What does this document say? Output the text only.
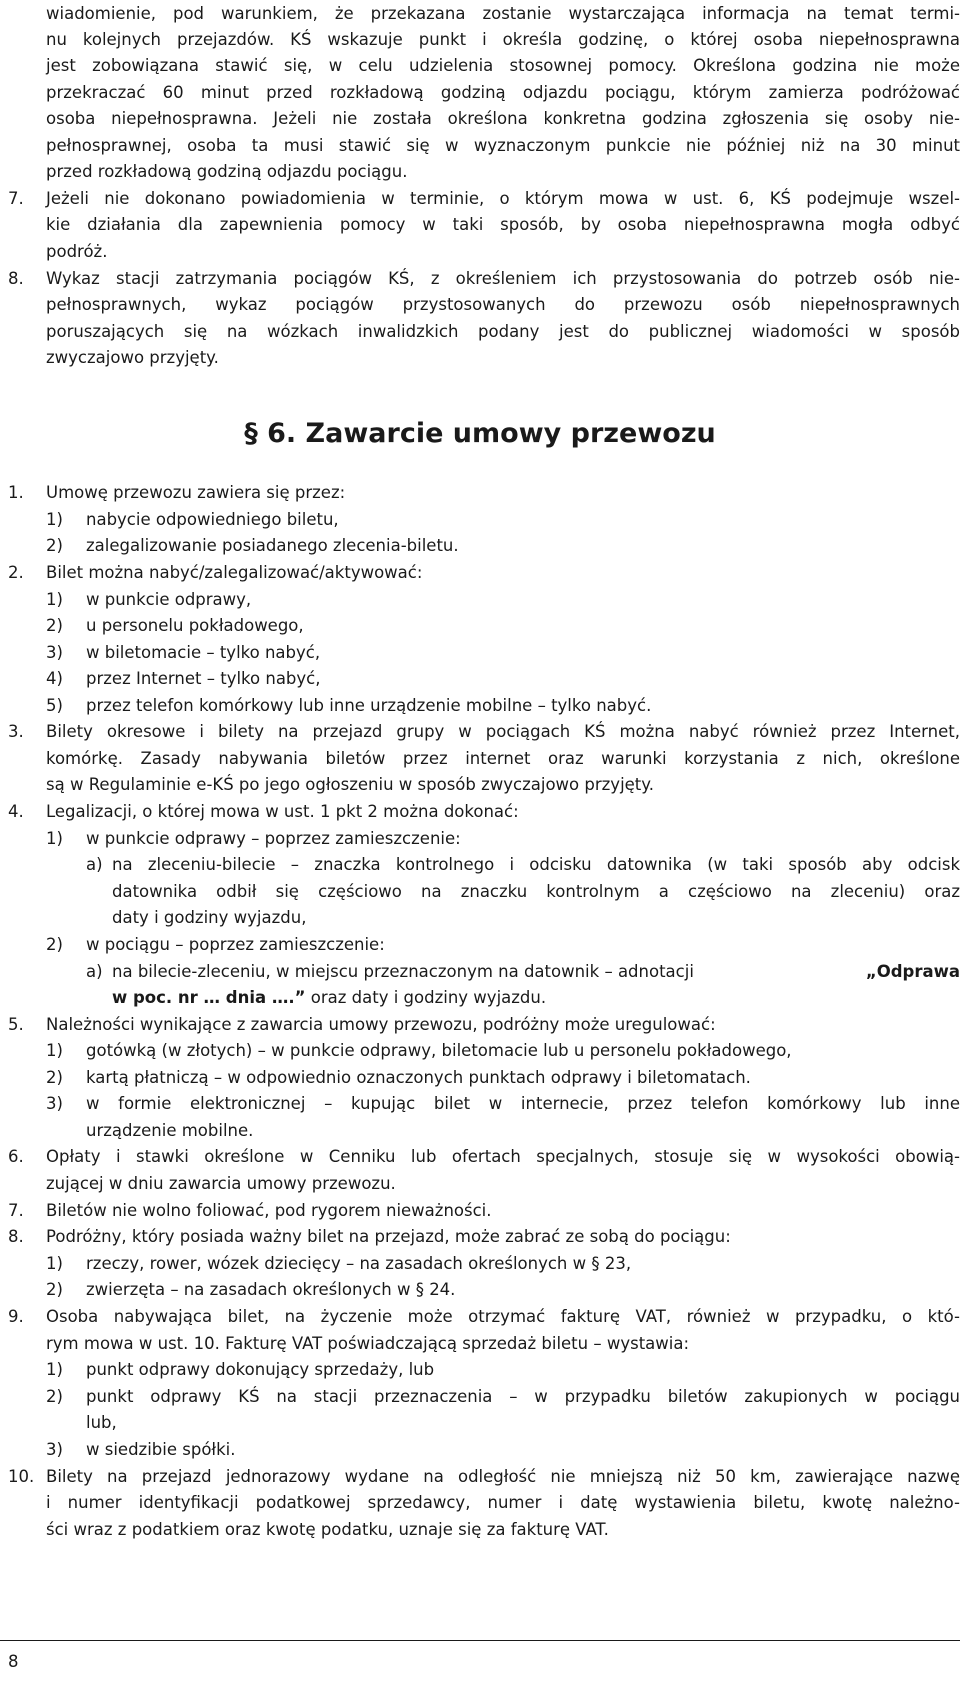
wiadomienie, pod warunkiem, że przekazana zostanie wystarczająca informacja na temat termi-
nu kolejnych przejazdów. KŚ wskazuje punkt i określa godzinę, o której osoba niepełnosprawna
jest zobowiązana stawić się, w celu udzielenia stosownej pomocy. Określona godzina nie może
przekraczać 60 minut przed rozkładową godziną odjazdu pociągu, którym zamierza podróżować
osoba niepełnosprawna. Jeżeli nie została określona konkretna godzina zgłoszenia się osoby nie-
pełnosprawnej, osoba ta musi stawić się w wyznaczonym punkcie nie później niż na 30 minut
przed rozkładową godziną odjazdu pociągu.
7.	Jeżeli nie dokonano powiadomienia w terminie, o którym mowa w ust. 6, KŚ podejmuje wszel-
kie działania dla zapewnienia pomocy w taki sposób, by osoba niepełnosprawna mogła odbyć
podróż.
8.	Wykaz stacji zatrzymania pociągów KŚ, z określeniem ich przystosowania do potrzeb osób nie-
pełnosprawnych, wykaz pociągów przystosowanych do przewozu osób niepełnosprawnych
poruszających się na wózkach inwalidzkich podany jest do publicznej wiadomości w sposób
zwyczajowo przyjęty.
§ 6. Zawarcie umowy przewozu
1.	Umowę przewozu zawiera się przez:
1)	nabycie odpowiedniego biletu,
2)	zalegalizowanie posiadanego zlecenia-biletu.
2.	Bilet można nabyć/zalegalizować/aktywować:
1)	w punkcie odprawy,
2)	u personelu pokładowego,
3)	w biletomacie – tylko nabyć,
4)	przez Internet – tylko nabyć,
5)	przez telefon komórkowy lub inne urządzenie mobilne – tylko nabyć.
3.	Bilety okresowe i bilety na przejazd grupy w pociągach KŚ można nabyć również przez Internet,
komórkę. Zasady nabywania biletów przez internet oraz warunki korzystania z nich, określone
są w Regulaminie e-KŚ po jego ogłoszeniu w sposób zwyczajowo przyjęty.
4.	Legalizacji, o której mowa w ust. 1 pkt 2 można dokonać:
1)	w punkcie odprawy – poprzez zamieszczenie:
a) na zleceniu-bilecie – znaczka kontrolnego i odcisku datownika (w taki sposób aby odcisk
datownika odbił się częściowo na znaczku kontrolnym a częściowo na zleceniu) oraz
daty i godziny wyjazdu,
2)	w pociągu – poprzez zamieszczenie:
a) na bilecie-zleceniu, w miejscu przeznaczonym na datownik – adnotacji	„Odprawa
w poc. nr … dnia ….” oraz daty i godziny wyjazdu.
5.	Należności wynikające z zawarcia umowy przewozu, podróżny może uregulować:
1)	gotówką (w złotych) – w punkcie odprawy, biletomacie lub u personelu pokładowego,
2)	kartą płatniczą – w odpowiednio oznaczonych punktach odprawy i biletomatach.
3)	w formie elektronicznej – kupując bilet w internecie, przez telefon komórkowy lub inne
urządzenie mobilne.
6.	Opłaty i stawki określone w Cenniku lub ofertach specjalnych, stosuje się w wysokości obowią-
zującej w dniu zawarcia umowy przewozu.
7.	Biletów nie wolno foliować, pod rygorem nieważności.
8.	Podróżny, który posiada ważny bilet na przejazd, może zabrać ze sobą do pociągu:
1)	rzeczy, rower, wózek dziecięcy – na zasadach określonych w § 23,
2)	zwierzęta – na zasadach określonych w § 24.
9.	Osoba nabywająca bilet, na życzenie może otrzymać fakturę VAT, również w przypadku, o któ-
rym mowa w ust. 10. Fakturę VAT poświadczającą sprzedaż biletu – wystawia:
1)	punkt odprawy dokonujący sprzedaży, lub
2)	punkt odprawy KŚ na stacji przeznaczenia – w przypadku biletów zakupionych w pociągu
lub,
3)	w siedzibie spółki.
10. Bilety na przejazd jednorazowy wydane na odległość nie mniejszą niż 50 km, zawierające nazwę
i numer identyfikacji podatkowej sprzedawcy, numer i datę wystawienia biletu, kwotę należno-
ści wraz z podatkiem oraz kwotę podatku, uznaje się za fakturę VAT.
8
